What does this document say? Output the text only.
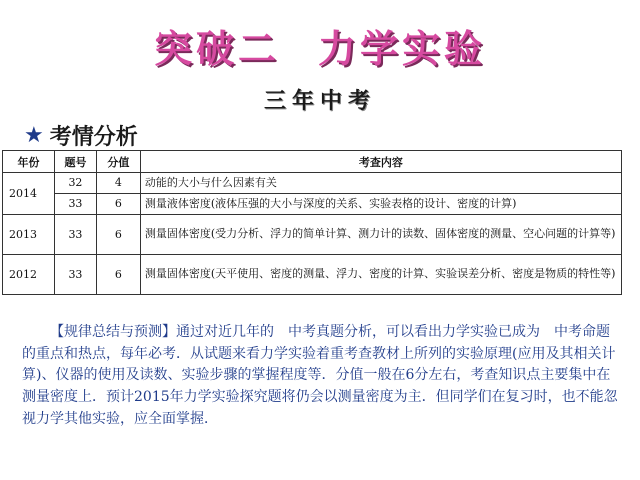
突破二 力学实验
三年中考
★ 考情分析
年份	题号	分值	考查内容
2014	32	4	动能的大小与什么因素有关
	33	6	测量液体密度(液体压强的大小与深度的关系、实验表格的设计、密度的计算)
2013	33	6	测量固体密度(受力分析、浮力的简单计算、测力计的读数、固体密度的测量、空心问题的计算等)
2012	33	6	测量固体密度(天平使用、密度的测量、浮力、密度的计算、实验误差分析、密度是物质的特性等)

【规律总结与预测】通过对近几年的　中考真题分析，可以看出力学实验已成为　中考命题的重点和热点，每年必考．从试题来看力学实验着重考查教材上所列的实验原理(应用及其相关计算)、仪器的使用及读数、实验步骤的掌握程度等．分值一般在6分左右，考查知识点主要集中在测量密度上．预计2015年力学实验探究题将仍会以测量密度为主．但同学们在复习时，也不能忽视力学其他实验，应全面掌握．
